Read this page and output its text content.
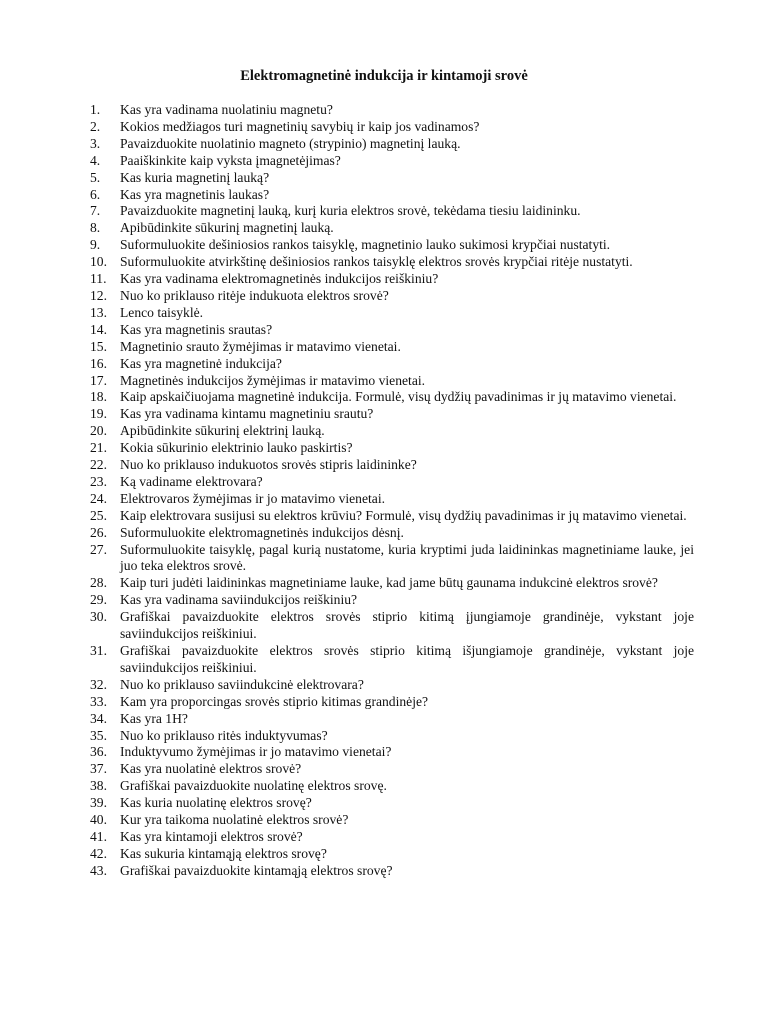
Elektromagnetinė indukcija ir kintamoji srovė
1.	Kas yra vadinama nuolatiniu magnetu?
2.	Kokios medžiagos turi magnetinių savybių ir kaip jos vadinamos?
3.	Pavaizduokite nuolatinio magneto (strypinio) magnetinį lauką.
4.	Paaiškinkite kaip vyksta įmagnetėjimas?
5.	Kas kuria magnetinį lauką?
6.	Kas yra magnetinis laukas?
7.	Pavaizduokite magnetinį lauką, kurį kuria elektros srovė, tekėdama tiesiu laidininku.
8.	Apibūdinkite sūkurinį magnetinį lauką.
9.	Suformuluokite dešiniosios rankos taisyklę, magnetinio lauko sukimosi krypčiai nustatyti.
10. Suformuluokite atvirkštinę dešiniosios rankos taisyklę elektros srovės krypčiai ritėje nustatyti.
11. Kas yra vadinama elektromagnetinės indukcijos reiškiniu?
12. Nuo ko priklauso ritėje indukuota elektros srovė?
13. Lenco taisyklė.
14. Kas yra magnetinis srautas?
15. Magnetinio srauto žymėjimas ir matavimo vienetai.
16. Kas yra magnetinė indukcija?
17. Magnetinės indukcijos žymėjimas ir matavimo vienetai.
18. Kaip apskaičiuojama magnetinė indukcija. Formulė, visų dydžių pavadinimas ir jų matavimo vienetai.
19. Kas yra vadinama kintamu magnetiniu srautu?
20. Apibūdinkite sūkurinį elektrinį lauką.
21. Kokia sūkurinio elektrinio lauko paskirtis?
22. Nuo ko priklauso indukuotos srovės stipris laidininke?
23. Ką vadiname elektrovara?
24. Elektrovaros žymėjimas ir jo matavimo vienetai.
25. Kaip elektrovara susijusi su elektros krūviu? Formulė, visų dydžių pavadinimas ir jų matavimo vienetai.
26. Suformuluokite elektromagnetinės indukcijos dėsnį.
27. Suformuluokite taisyklę, pagal kurią nustatome, kuria kryptimi juda laidininkas magnetiniame lauke, jei juo teka elektros srovė.
28. Kaip turi judėti laidininkas magnetiniame lauke, kad jame būtų gaunama indukcinė elektros srovė?
29. Kas yra vadinama saviindukcijos reiškiniu?
30. Grafiškai pavaizduokite elektros srovės stiprio kitimą įjungiamoje grandinėje, vykstant joje saviindukcijos reiškiniui.
31. Grafiškai pavaizduokite elektros srovės stiprio kitimą išjungiamoje grandinėje, vykstant joje saviindukcijos reiškiniui.
32. Nuo ko priklauso saviindukcinė elektrovara?
33. Kam yra proporcingas srovės stiprio kitimas grandinėje?
34. Kas yra 1H?
35. Nuo ko priklauso ritės induktyvumas?
36. Induktyvumo žymėjimas ir jo matavimo vienetai?
37. Kas yra nuolatinė elektros srovė?
38. Grafiškai pavaizduokite nuolatinę elektros srovę.
39. Kas kuria nuolatinę elektros srovę?
40. Kur yra taikoma nuolatinė elektros srovė?
41. Kas yra kintamoji elektros srovė?
42. Kas sukuria kintamąją elektros srovę?
43. Grafiškai pavaizduokite kintamąją elektros srovę?
